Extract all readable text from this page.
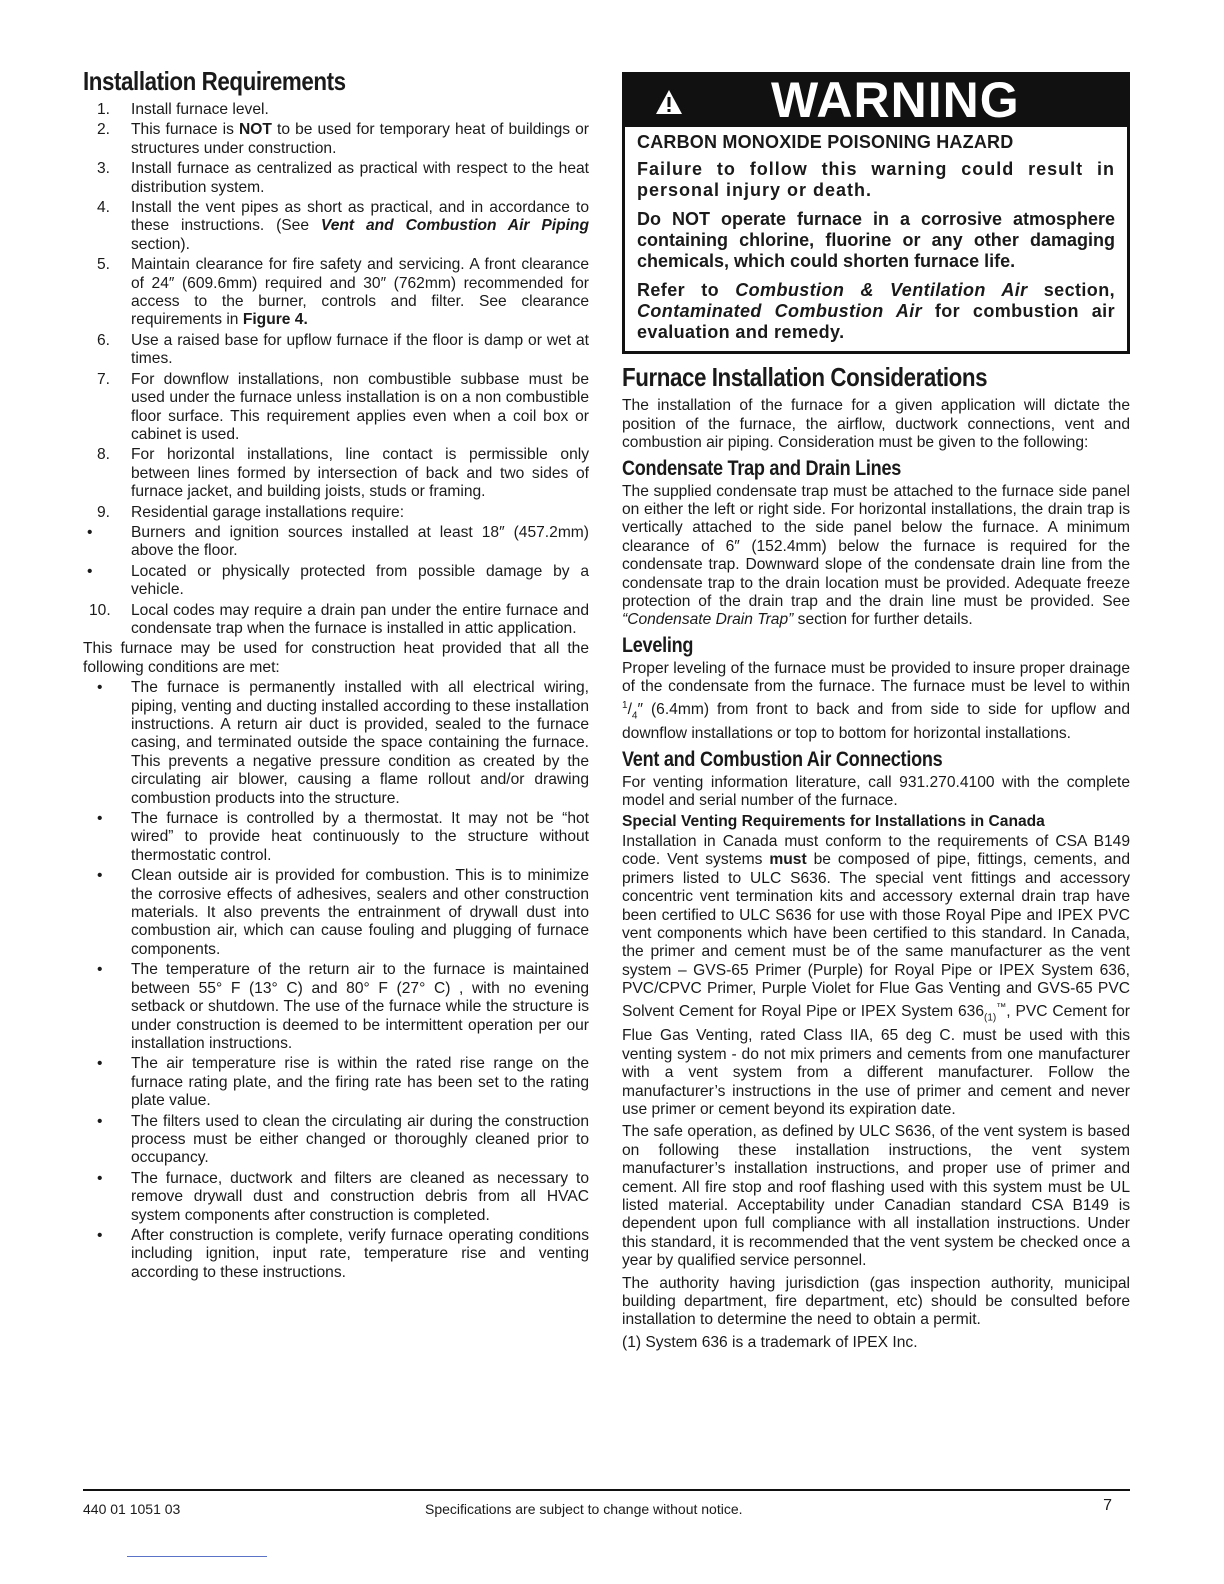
Installation Requirements
1.	Install furnace level.
2.	This furnace is NOT to be used for temporary heat of buildings or structures under construction.
3.	Install furnace as centralized as practical with respect to the heat distribution system.
4.	Install the vent pipes as short as practical, and in accordance to these instructions. (See Vent and Combustion Air Piping section).
5.	Maintain clearance for fire safety and servicing. A front clearance of 24″ (609.6mm) required and 30″ (762mm) recommended for access to the burner, controls and filter. See clearance requirements in Figure 4.
6.	Use a raised base for upflow furnace if the floor is damp or wet at times.
7.	For downflow installations, non combustible subbase must be used under the furnace unless installation is on a non combustible floor surface. This requirement applies even when a coil box or cabinet is used.
8.	For horizontal installations, line contact is permissible only between lines formed by intersection of back and two sides of furnace jacket, and building joists, studs or framing.
9.	Residential garage installations require:
• Burners and ignition sources installed at least 18″ (457.2mm) above the floor.
• Located or physically protected from possible damage by a vehicle.
10.	Local codes may require a drain pan under the entire furnace and condensate trap when the furnace is installed in attic application.

This furnace may be used for construction heat provided that all the following conditions are met:

• The furnace is permanently installed with all electrical wiring, piping, venting and ducting installed according to these installation instructions. A return air duct is provided, sealed to the furnace casing, and terminated outside the space containing the furnace. This prevents a negative pressure condition as created by the circulating air blower, causing a flame rollout and/or drawing combustion products into the structure.
• The furnace is controlled by a thermostat. It may not be “hot wired” to provide heat continuously to the structure without thermostatic control.
• Clean outside air is provided for combustion. This is to minimize the corrosive effects of adhesives, sealers and other construction materials. It also prevents the entrainment of drywall dust into combustion air, which can cause fouling and plugging of furnace components.
• The temperature of the return air to the furnace is maintained between 55° F (13° C) and 80° F (27° C) , with no evening setback or shutdown. The use of the furnace while the structure is under construction is deemed to be intermittent operation per our installation instructions.
• The air temperature rise is within the rated rise range on the furnace rating plate, and the firing rate has been set to the rating plate value.
• The filters used to clean the circulating air during the construction process must be either changed or thoroughly cleaned prior to occupancy.
• The furnace, ductwork and filters are cleaned as necessary to remove drywall dust and construction debris from all HVAC system components after construction is completed.
• After construction is complete, verify furnace operating conditions including ignition, input rate, temperature rise and venting according to these instructions.
WARNING

CARBON MONOXIDE POISONING HAZARD

Failure to follow this warning could result in personal injury or death.

Do NOT operate furnace in a corrosive atmosphere containing chlorine, fluorine or any other damaging chemicals, which could shorten furnace life.

Refer to Combustion & Ventilation Air section, Contaminated Combustion Air for combustion air evaluation and remedy.

Furnace Installation Considerations

The installation of the furnace for a given application will dictate the position of the furnace, the airflow, ductwork connections, vent and combustion air piping. Consideration must be given to the following:

Condensate Trap and Drain Lines

The supplied condensate trap must be attached to the furnace side panel on either the left or right side. For horizontal installations, the drain trap is vertically attached to the side panel below the furnace. A minimum clearance of 6″ (152.4mm) below the furnace is required for the condensate trap. Downward slope of the condensate drain line from the condensate trap to the drain location must be provided. Adequate freeze protection of the drain trap and the drain line must be provided. See “Condensate Drain Trap” section for further details.

Leveling

Proper leveling of the furnace must be provided to insure proper drainage of the condensate from the furnace. The furnace must be level to within $^1/_4''$ (6.4mm) from front to back and from side to side for upflow and downflow installations or top to bottom for horizontal installations.

Vent and Combustion Air Connections

For venting information literature, call 931.270.4100 with the complete model and serial number of the furnace.

Special Venting Requirements for Installations in Canada

Installation in Canada must conform to the requirements of CSA B149 code. Vent systems must be composed of pipe, fittings, cements, and primers listed to ULC S636. The special vent fittings and accessory concentric vent termination kits and accessory external drain trap have been certified to ULC S636 for use with those Royal Pipe and IPEX PVC vent components which have been certified to this standard. In Canada, the primer and cement must be of the same manufacturer as the vent system – GVS-65 Primer (Purple) for Royal Pipe or IPEX System 636, PVC/CPVC Primer, Purple Violet for Flue Gas Venting and GVS-65 PVC Solvent Cement for Royal Pipe or IPEX System $636_{(1)}™$, PVC Cement for Flue Gas Venting, rated Class IIA, 65 deg C. must be used with this venting system - do not mix primers and cements from one manufacturer with a vent system from a different manufacturer. Follow the manufacturer’s instructions in the use of primer and cement and never use primer or cement beyond its expiration date.

The safe operation, as defined by ULC S636, of the vent system is based on following these installation instructions, the vent system manufacturer’s installation instructions, and proper use of primer and cement. All fire stop and roof flashing used with this system must be UL listed material. Acceptability under Canadian standard CSA B149 is dependent upon full compliance with all installation instructions. Under this standard, it is recommended that the vent system be checked once a year by qualified service personnel.

The authority having jurisdiction (gas inspection authority, municipal building department, fire department, etc) should be consulted before installation to determine the need to obtain a permit.

(1) System 636 is a trademark of IPEX Inc.

440 01 1051 03	Specifications are subject to change without notice.	7
